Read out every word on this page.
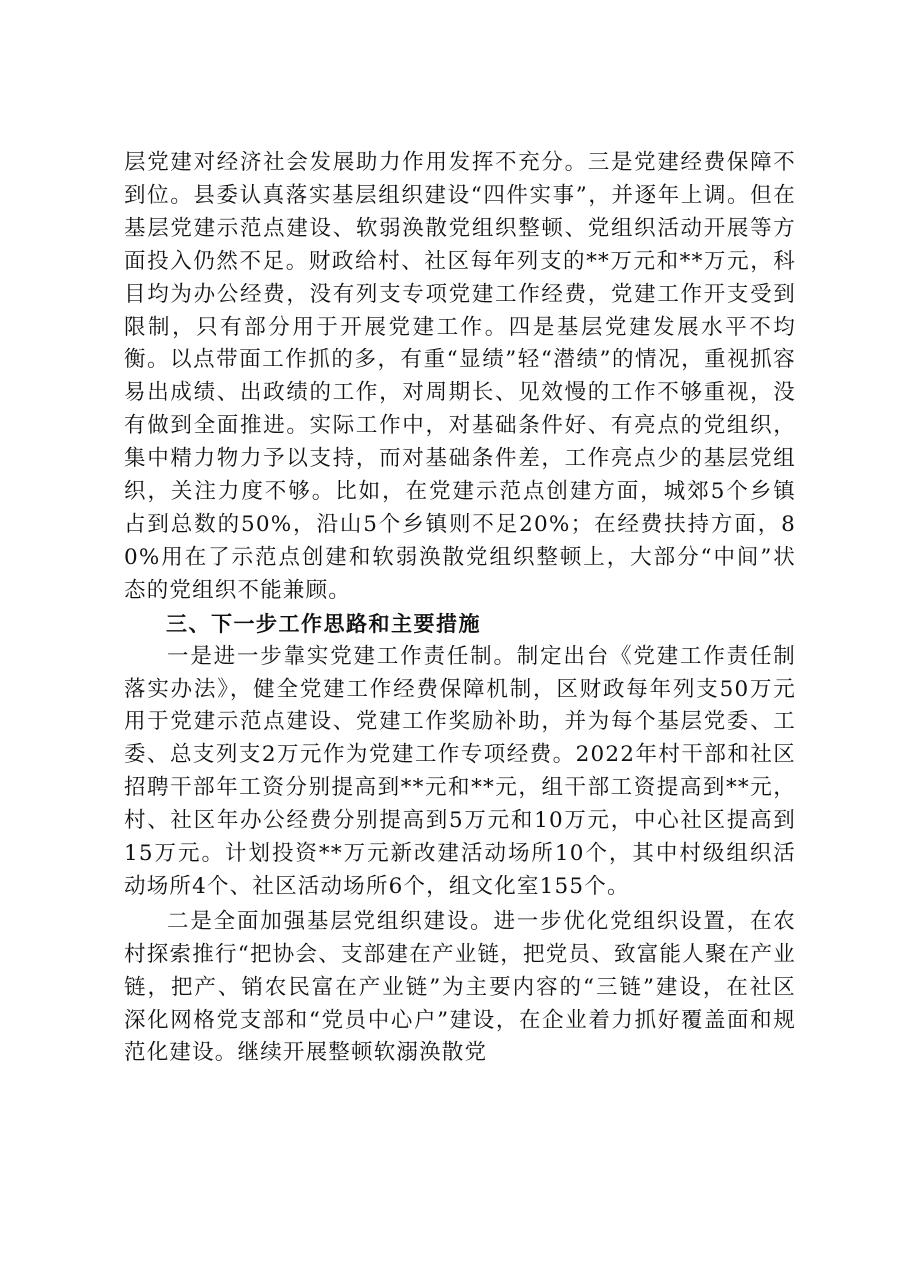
层党建对经济社会发展助力作用发挥不充分。三是党建经费保障不到位。县委认真落实基层组织建设“四件实事”，并逐年上调。但在基层党建示范点建设、软弱涣散党组织整顿、党组织活动开展等方面投入仍然不足。财政给村、社区每年列支的**万元和**万元，科目均为办公经费，没有列支专项党建工作经费，党建工作开支受到限制，只有部分用于开展党建工作。四是基层党建发展水平不均衡。以点带面工作抓的多，有重“显绩”轻“潜绩”的情况，重视抓容易出成绩、出政绩的工作，对周期长、见效慢的工作不够重视，没有做到全面推进。实际工作中，对基础条件好、有亮点的党组织，集中精力物力予以支持，而对基础条件差，工作亮点少的基层党组织，关注力度不够。比如，在党建示范点创建方面，城郊5个乡镇占到总数的50%，沿山5个乡镇则不足20%；在经费扶持方面，80%用在了示范点创建和软弱涣散党组织整顿上，大部分“中间”状态的党组织不能兼顾。

三、下一步工作思路和主要措施

一是进一步靠实党建工作责任制。制定出台《党建工作责任制落实办法》，健全党建工作经费保障机制，区财政每年列支50万元用于党建示范点建设、党建工作奖励补助，并为每个基层党委、工委、总支列支2万元作为党建工作专项经费。2022年村干部和社区招聘干部年工资分别提高到**元和**元，组干部工资提高到**元，村、社区年办公经费分别提高到5万元和10万元，中心社区提高到15万元。计划投资**万元新改建活动场所10个，其中村级组织活动场所4个、社区活动场所6个，组文化室155个。

二是全面加强基层党组织建设。进一步优化党组织设置，在农村探索推行“把协会、支部建在产业链，把党员、致富能人聚在产业链，把产、销农民富在产业链”为主要内容的“三链”建设，在社区深化网格党支部和“党员中心户”建设，在企业着力抓好覆盖面和规范化建设。继续开展整顿软溺涣散党
